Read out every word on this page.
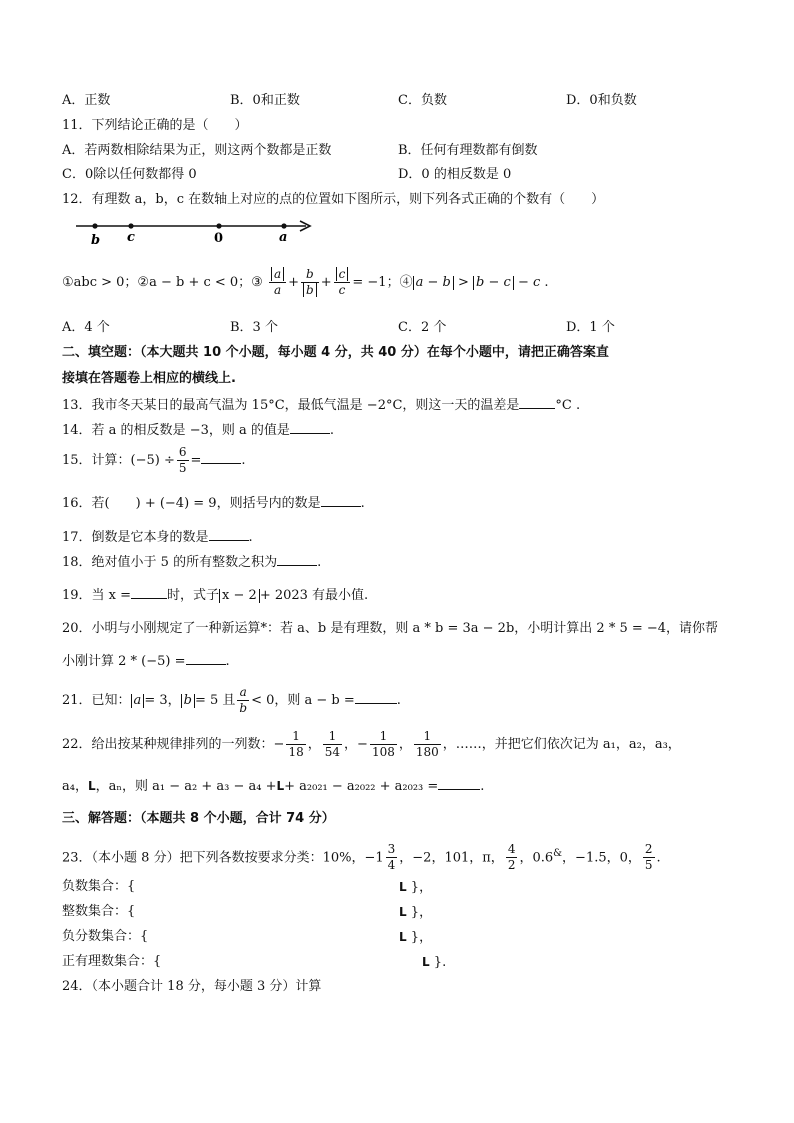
A．正数	B．0和正数	C．负数	D．0和负数
11．下列结论正确的是（　　）
A．若两数相除结果为正，则这两个数都是正数	B．任何有理数都有倒数
C．0除以任何数都得 0	D．0 的相反数是 0
12．有理数 a，b，c 在数轴上对应的点的位置如下图所示，则下列各式正确的个数有（　　）
b c	0	a
①abc > 0；②a − b + c < 0；③ $\frac{a}{a} + \frac{b}{b} + \frac{c}{c} = -1$；④ a − b > b − c − c .
A．4 个	B．3 个	C．2 个	D．1 个
二、填空题：（本大题共 10 个小题，每小题 4 分，共 40 分）在每个小题中，请把正确答案直
接填在答题卷上相应的横线上.
13．我市冬天某日的最高气温为 15°C，最低气温是 −2°C，则这一天的温差是	°C .
14．若 a 的相反数是 −3，则 a 的值是	.
15．计算：$(-5) \div \frac{6}{5}$ =	.
16．若(　　) + (−4) = 9，则括号内的数是	.
17．倒数是它本身的数是	.
18．绝对值小于 5 的所有整数之积为	.
19．当 x =	时，式子 x − 2 + 2023 有最小值.
20．小明与小刚规定了一种新运算*：若 a、b 是有理数，则 a * b = 3a − 2b，小明计算出 2 * 5 = −4，请你帮
小刚计算 2 * (−5) =	.
21．已知： a = 3， b = 5 且 $\frac{a}{b} < 0$，则 a − b =	.
22．给出按某种规律排列的一列数：− $\frac{1}{18}$ ， $\frac{1}{54}$ ，− $\frac{1}{108}$ ， $\frac{1}{180}$ ，……，并把它们依次记为 a₁，a₂，a₃，
a₄，L，aₙ，则 a₁ − a₂ + a₃ − a₄ +L+ a₂₀₂₁ − a₂₀₂₂ + a₂₀₂₃ =	.
三、解答题：（本题共 8 个小题，合计 74 分）
23．（本小题 8 分）把下列各数按要求分类：10%，$-1 \frac{3}{4}$ ，−2，101，π， $\frac{4}{2}$ ，0.6&，−1.5，0， $\frac{2}{5}$ .
负数集合：{	L }，
整数集合：{	L }，
负分数集合：{	L }，
正有理数集合：{	L }.
24．（本小题合计 18 分，每小题 3 分）计算
